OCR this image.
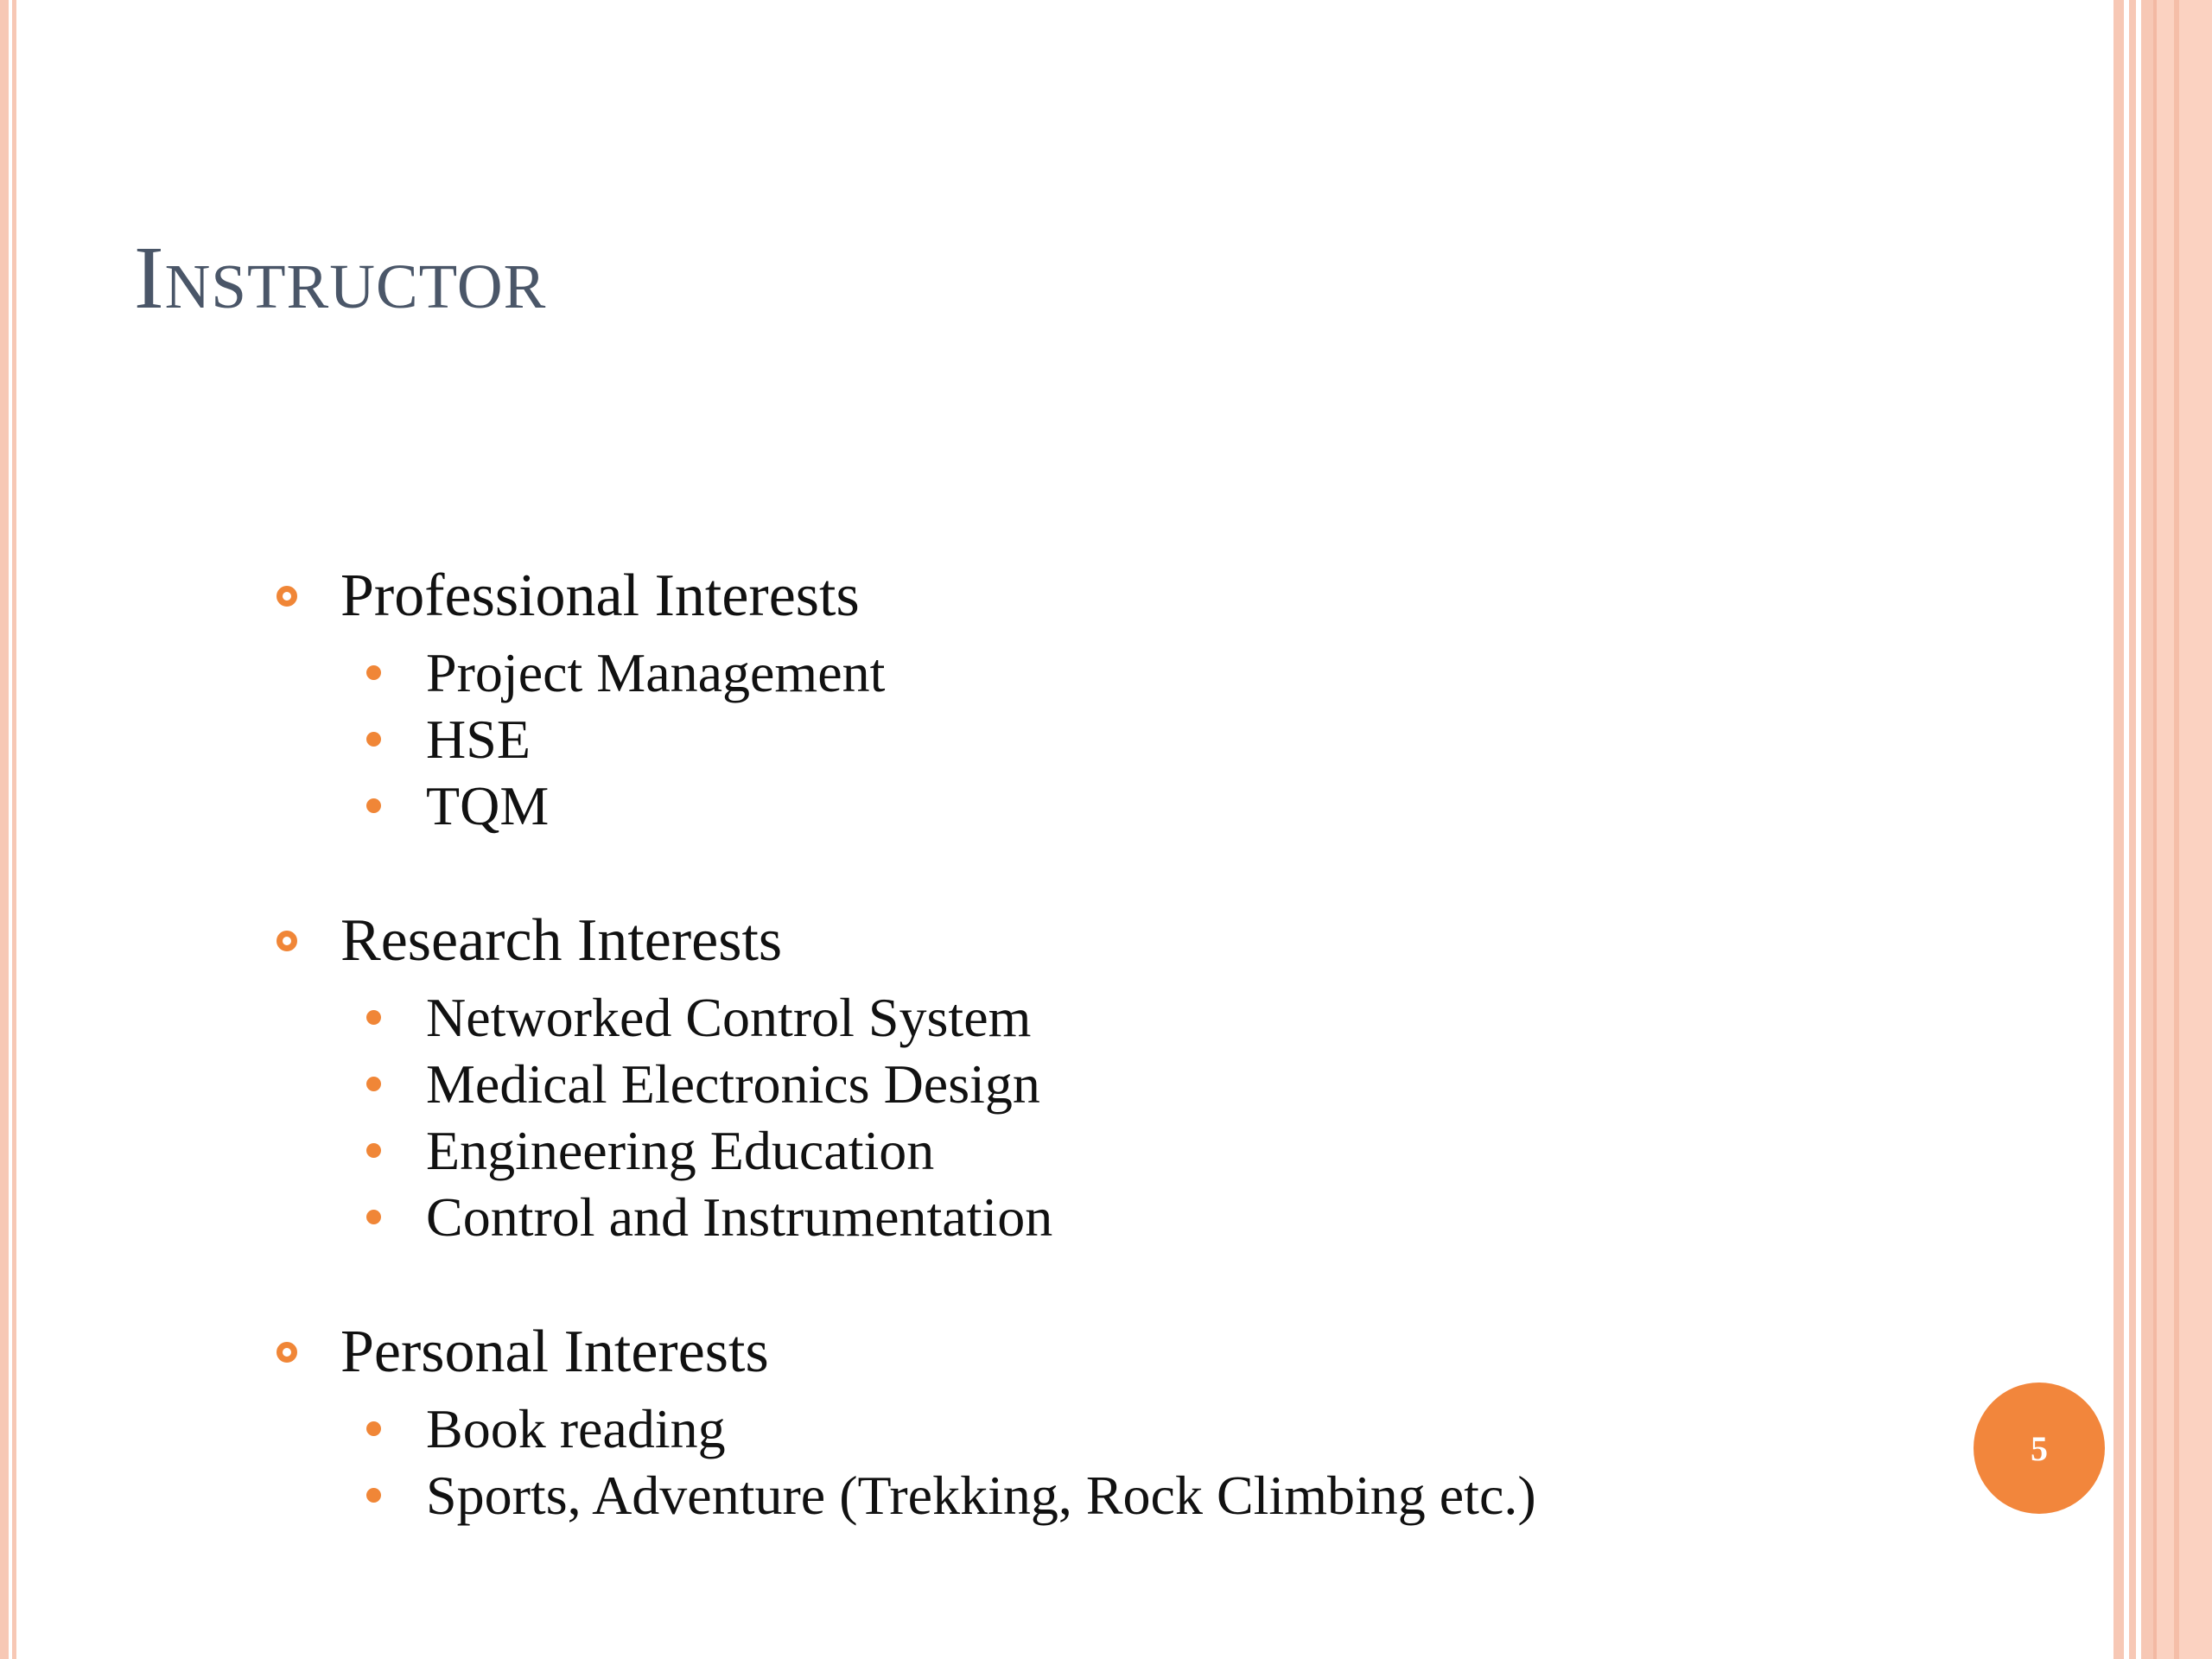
Instructor
Professional Interests
Project Management
HSE
TQM
Research Interests
Networked Control System
Medical Electronics Design
Engineering Education
Control and Instrumentation
Personal Interests
Book reading
Sports, Adventure (Trekking, Rock Climbing etc.)
5
